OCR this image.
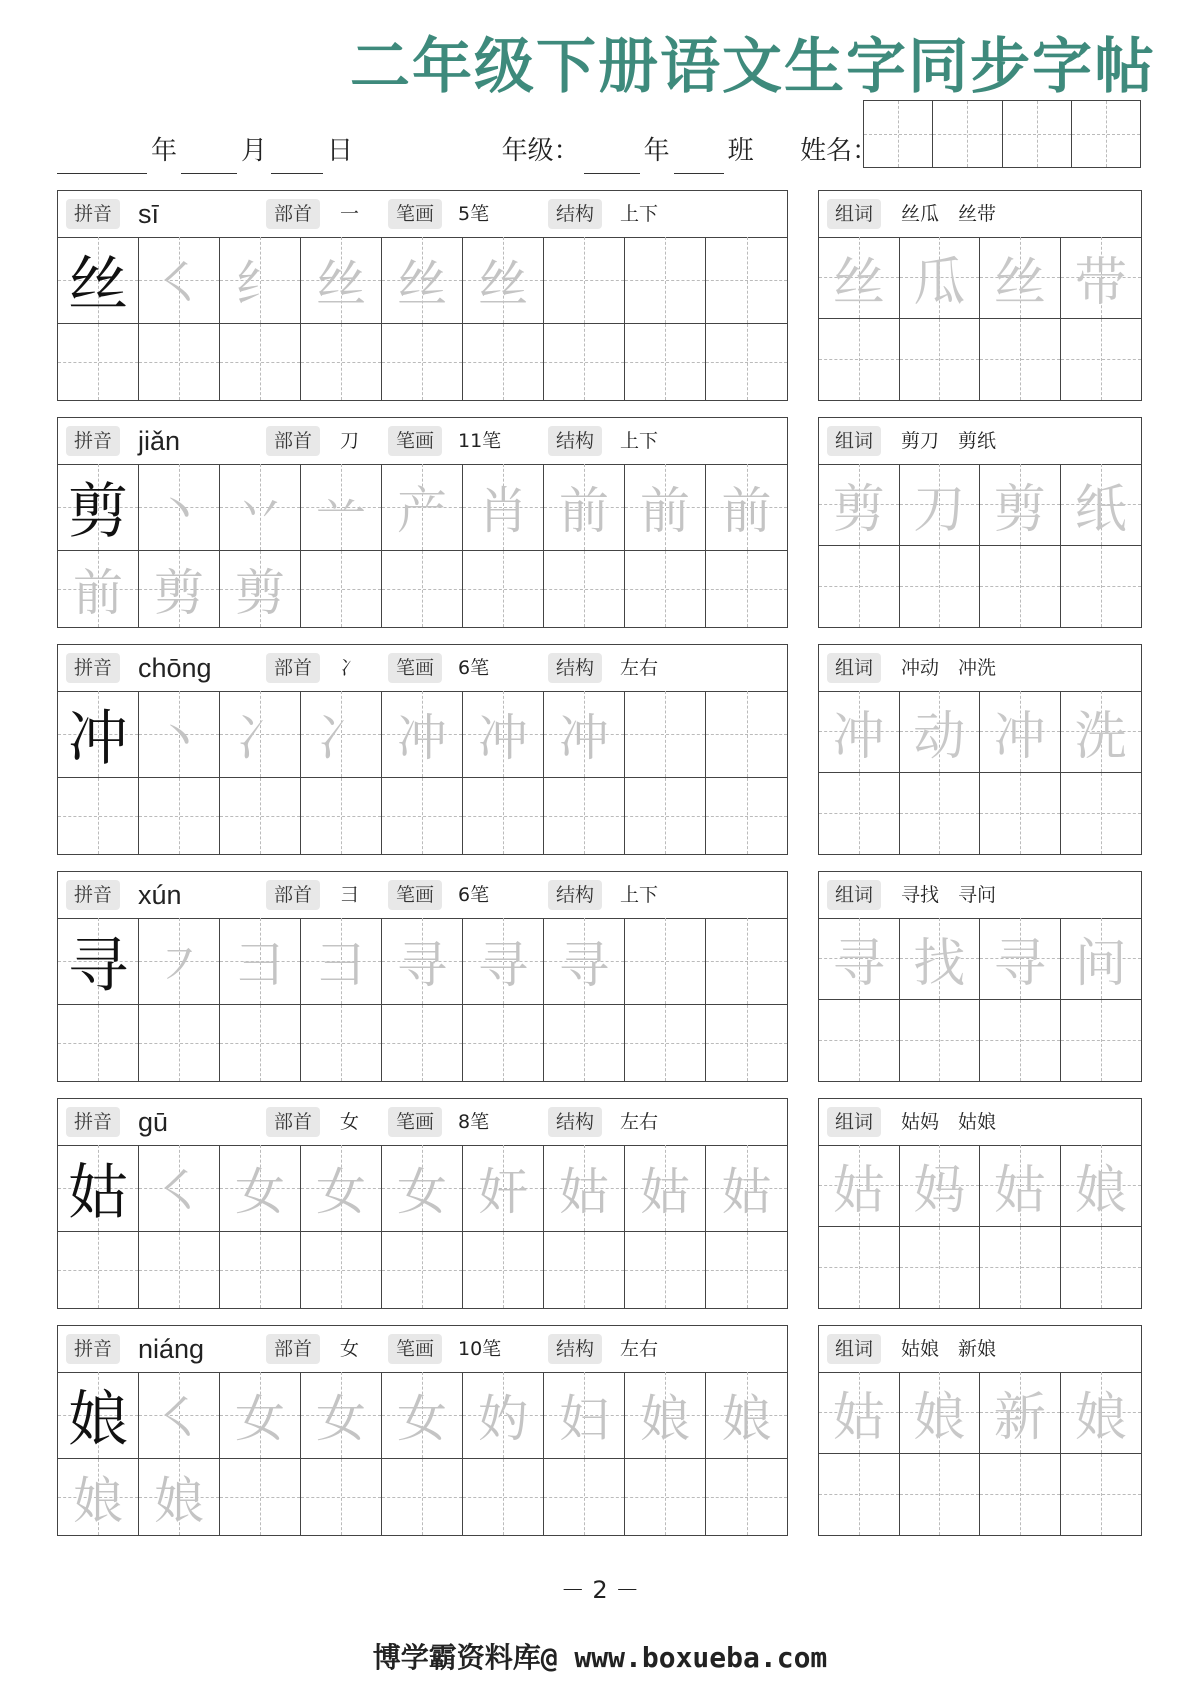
二年级下册语文生字同步字帖
年 月 日	年级： 年 班 姓名：
拼音 sī	部首	一	笔画	5笔	结构	上下
丝 ㇛ 纟 丝 丝 丝
组词	丝瓜　丝带
丝 瓜 丝 带
拼音 jiǎn	部首	刀	笔画	11笔	结构	上下
剪 丶 丷 䒑 产 肖 前 前 前
前 剪 剪
组词	剪刀　剪纸
剪 刀 剪 纸
拼音 chōng	部首	冫	笔画	6笔	结构	左右
冲 丶 冫 冫 冲 冲 冲
组词	冲动　冲洗
冲 动 冲 洗
拼音 xún	部首	彐	笔画	6笔	结构	上下
寻 ㇇ 彐 彐 寻 寻 寻
组词	寻找　寻问
寻 找 寻 问
拼音 gū	部首	女	笔画	8笔	结构	左右
姑 ㇛ 女 女 女 奸 姑 姑 姑
组词	姑妈　姑娘
姑 妈 姑 娘
拼音 niáng	部首	女	笔画	10笔	结构	左右
娘 ㇛ 女 女 女 妁 妇 娘 娘
娘 娘
组词	姑娘　新娘
姑 娘 新 娘
－ 2 －
博学霸资料库@ www.boxueba.com
